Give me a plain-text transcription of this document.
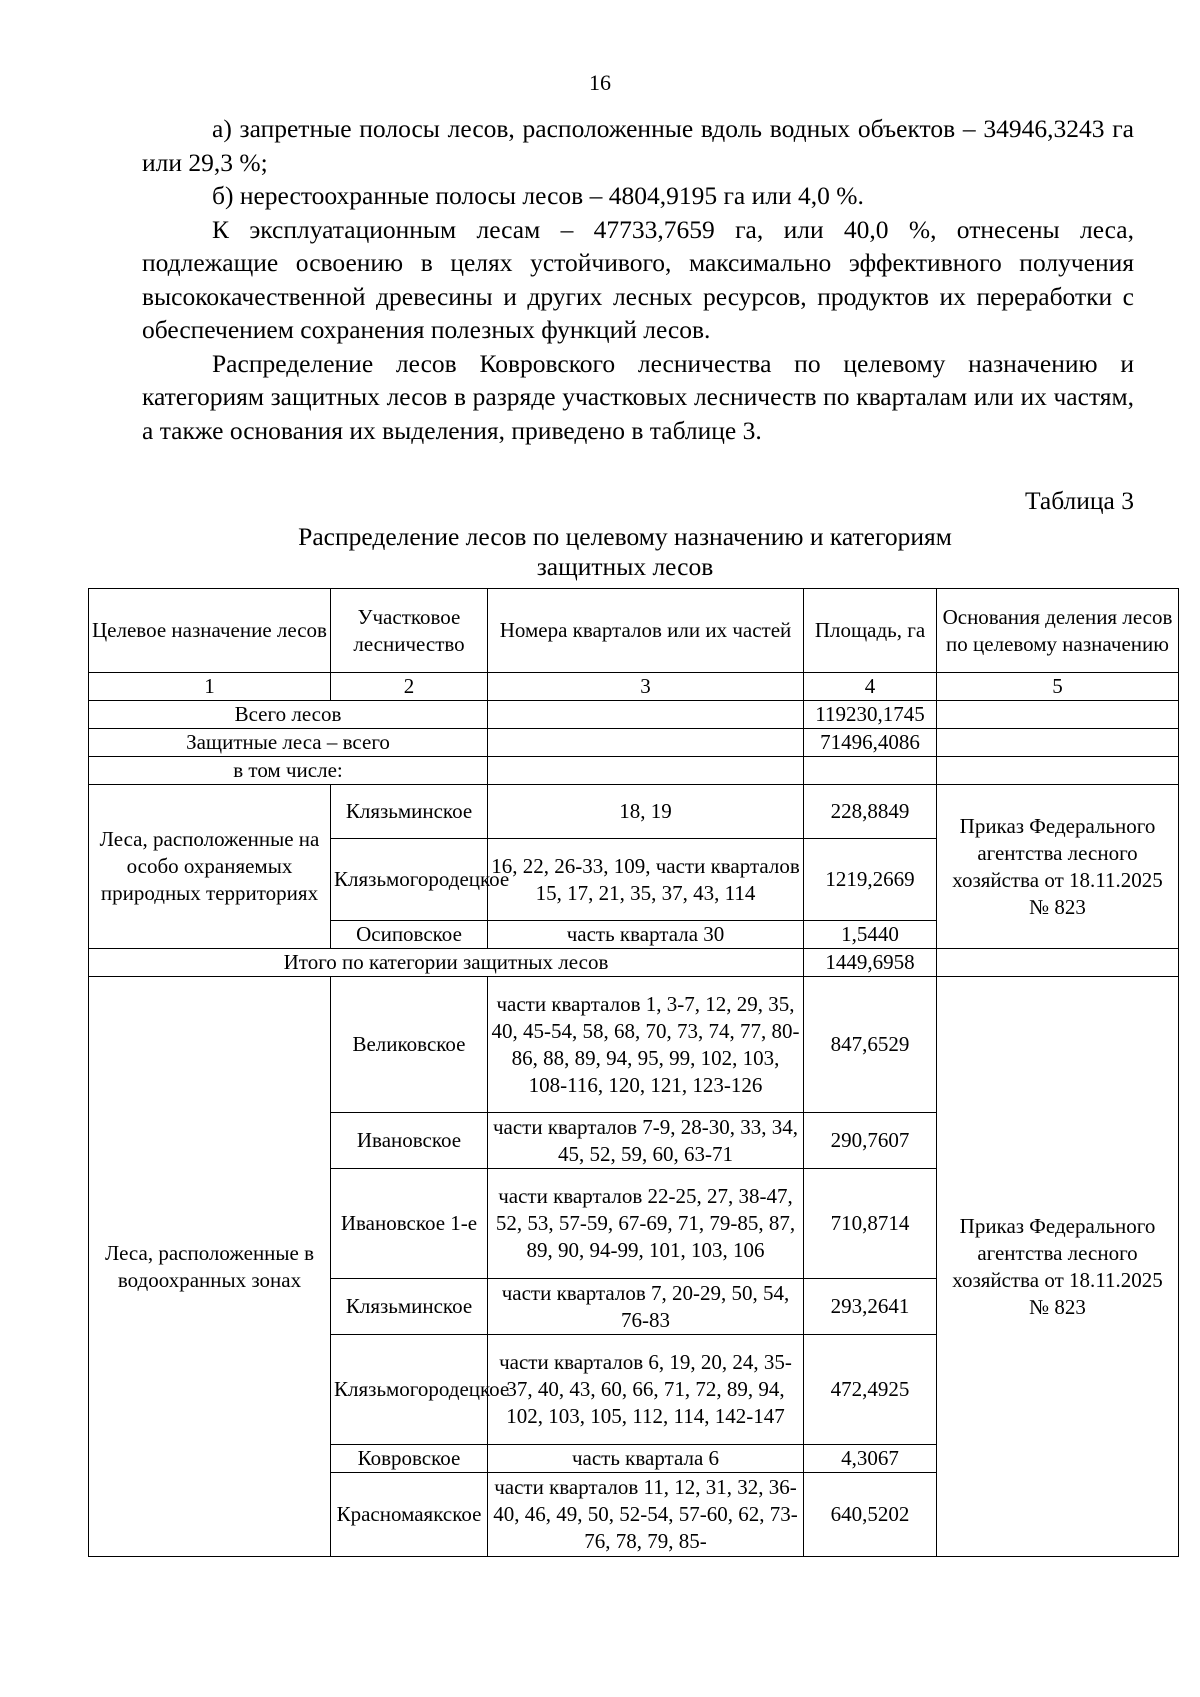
16

а) запретные полосы лесов, расположенные вдоль водных объектов – 34946,3243 га или 29,3 %;

б) нерестоохранные полосы лесов – 4804,9195 га или 4,0 %.

К эксплуатационным лесам – 47733,7659 га, или 40,0 %, отнесены леса, подлежащие освоению в целях устойчивого, максимально эффективного получения высококачественной древесины и других лесных ресурсов, продуктов их переработки с обеспечением сохранения полезных функций лесов.

Распределение лесов Ковровского лесничества по целевому назначению и категориям защитных лесов в разряде участковых лесничеств по кварталам или их частям, а также основания их выделения, приведено в таблице 3.

Таблица 3
Распределение лесов по целевому назначению и категориям
защитных лесов
Целевое назначение лесов	Участковое лесничество	Номера кварталов или их частей	Площадь, га	Основания деления лесов по целевому назначению
1	2	3	4	5
Всего лесов			119230,1745	
Защитные леса – всего			71496,4086	
в том числе:				
Леса, расположенные на особо охраняемых природных территориях	Клязьминское	18, 19	228,8849	Приказ Федерального агентства лесного хозяйства от 18.11.2025 № 823
	Клязьмогородецкое	16, 22, 26-33, 109, части кварталов 15, 17, 21, 35, 37, 43, 114	1219,2669	
	Осиповское	часть квартала 30	1,5440	
Итого по категории защитных лесов			1449,6958	
Леса, расположенные в водоохранных зонах	Великовское	части кварталов 1, 3-7, 12, 29, 35, 40, 45-54, 58, 68, 70, 73, 74, 77, 80-86, 88, 89, 94, 95, 99, 102, 103, 108-116, 120, 121, 123-126	847,6529	Приказ Федерального агентства лесного хозяйства от 18.11.2025 № 823
	Ивановское	части кварталов 7-9, 28-30, 33, 34, 45, 52, 59, 60, 63-71	290,7607	
	Ивановское 1-е	части кварталов 22-25, 27, 38-47, 52, 53, 57-59, 67-69, 71, 79-85, 87, 89, 90, 94-99, 101, 103, 106	710,8714	
	Клязьминское	части кварталов 7, 20-29, 50, 54, 76-83	293,2641	
	Клязьмогородецкое	части кварталов 6, 19, 20, 24, 35-37, 40, 43, 60, 66, 71, 72, 89, 94, 102, 103, 105, 112, 114, 142-147	472,4925	
	Ковровское	часть квартала 6	4,3067	
	Красномаякское	части кварталов 11, 12, 31, 32, 36-40, 46, 49, 50, 52-54, 57-60, 62, 73-76, 78, 79, 85-	640,5202	
